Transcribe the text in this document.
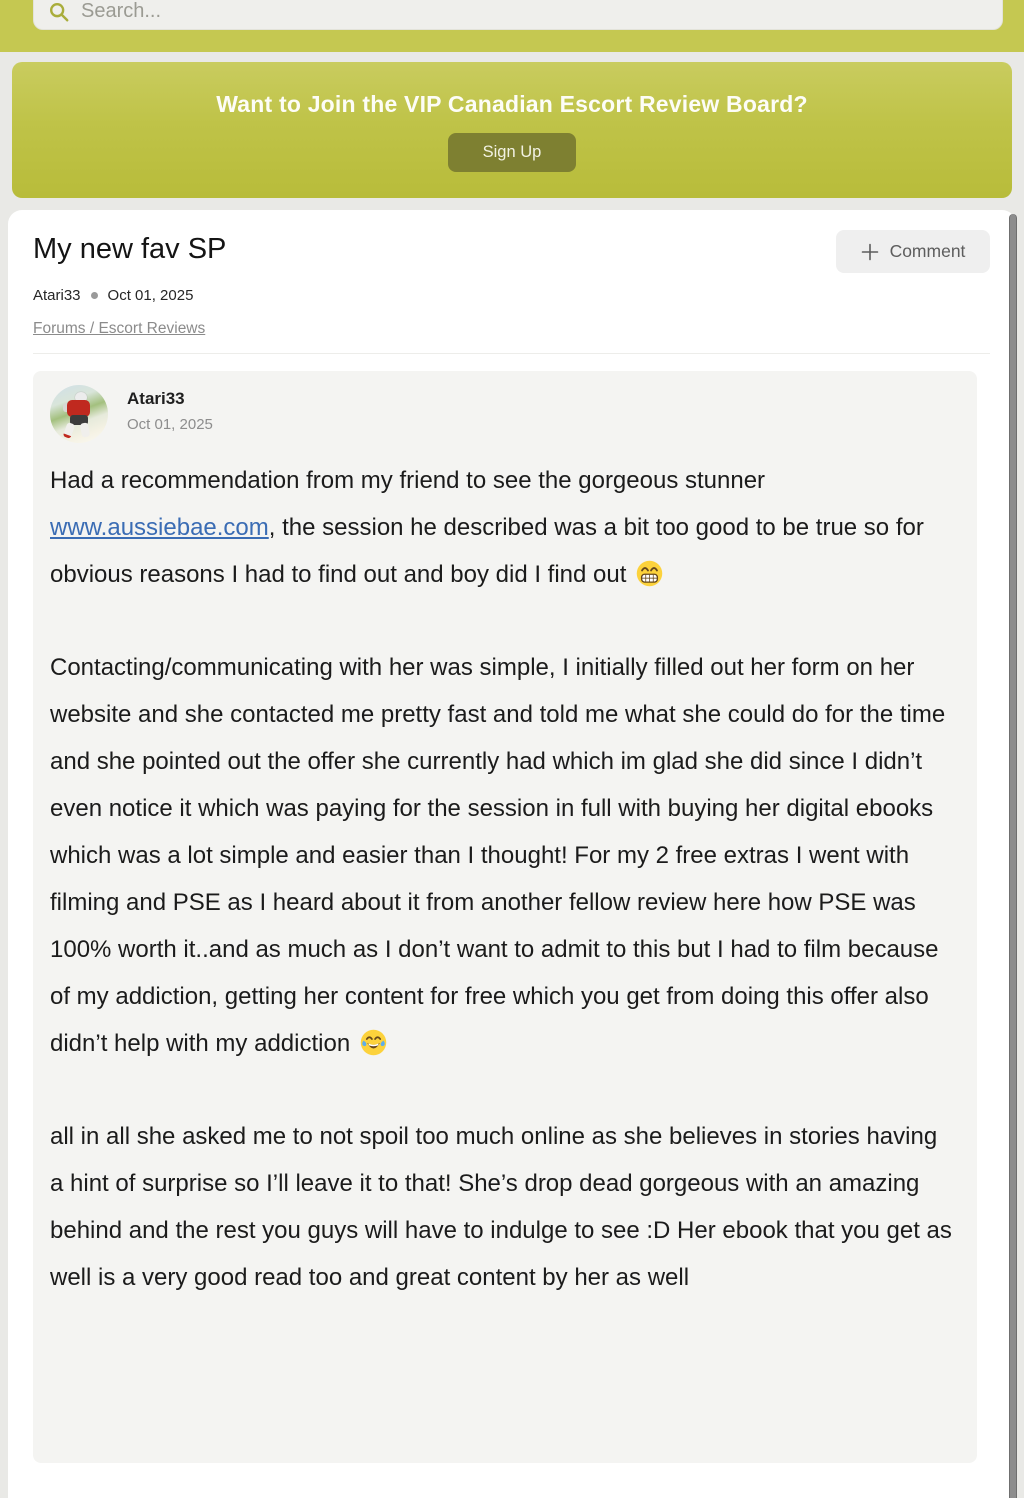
Search...
Want to Join the VIP Canadian Escort Review Board?
Sign Up
My new fav SP	Comment
Atari33 Oct 01, 2025
Forums / Escort Reviews
Atari33
Oct 01, 2025

Had a recommendation from my friend to see the gorgeous stunner www.aussiebae.com, the session he described was a bit too good to be true so for obvious reasons I had to find out and boy did I find out

Contacting/communicating with her was simple, I initially filled out her form on her website and she contacted me pretty fast and told me what she could do for the time and she pointed out the offer she currently had which im glad she did since I didn’t even notice it which was paying for the session in full with buying her digital ebooks which was a lot simple and easier than I thought! For my 2 free extras I went with filming and PSE as I heard about it from another fellow review here how PSE was 100% worth it..and as much as I don’t want to admit to this but I had to film because of my addiction, getting her content for free which you get from doing this offer also didn’t help with my addiction

all in all she asked me to not spoil too much online as she believes in stories having a hint of surprise so I’ll leave it to that! She’s drop dead gorgeous with an amazing behind and the rest you guys will have to indulge to see :D Her ebook that you get as well is a very good read too and great content by her as well
